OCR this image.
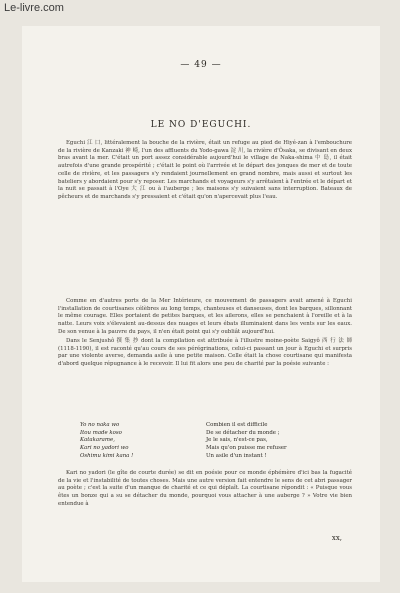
Le-livre.com
— 49 —
LE NO D'EGUCHI.
Eguchi 江 口, littéralement la bouche de la rivière, était un refuge au pied de Hiyé-zan à l'embouchure de la rivière de Kanzaki 神 崎, l'un des affluents du Yodo-gawa 淀 川, la rivière d'Ôsaka, se divisant en deux bras avant la mer. C'était un port assez considérable aujourd'hui le village de Naka-shima 中 島, il était autrefois d'une grande prospérité ; c'était le point où l'arrivée et le départ des jonques de mer et de toute celle de rivière, et les passagers s'y rendaient journellement en grand nombre, mais aussi et surtout les bateliers y abordaient pour s'y reposer. Les marchands et voyageurs s'y arrêtaient à l'entrée et le départ et la nuit se passait à l'Oye 大 江 ou à l'auberge ; les maisons s'y suivaient sans interruption. Bateaux de pêcheurs et de marchands s'y pressaient et c'était qu'on n'apercevait plus l'eau.
Comme en d'autres ports de la Mer Intérieure, ce mouvement de passagers avait amené à Eguchi l'installation de courtisanes célèbres au long temps, chanteuses et danseuses, dont les barques, sillonnant le même courage. Elles portaient de petites barques, et les ailerons, elles se penchaient à l'oreille et à la natte. Leurs voix s'élevaient au-dessus des nuages et leurs ébats illuminaient dans les vents sur les eaux. De son venue à la pauvre du pays, il n'en était point qui s'y oubliât aujourd'hui.
Dans le Senjushô 撰 集 抄 dont la compilation est attribuée à l'illustre moine-poète Saigyô 西 行 法 師 (1118-1190), il est raconté qu'au cours de ses pérégrinations, celui-ci passant un jour à Eguchi et surpris par une violente averse, demanda asile à une petite maison. Celle était la chose courtisane qui manifesta d'abord quelque répugnance à le recevoir. Il lui fit alors une peu de charité par la poésie suivante :
Yo no naka wo
Itou made koso
Katakarame,
Kari no yadori wo
Oshimu kimi kana !
Combien il est difficile
De se détacher du monde ;
Je le sais, n'est-ce pas,
Mais qu'on puisse me refuser
Un asile d'un instant !
Kari no yadori (le gîte de courte durée) se dit en poésie pour ce monde éphémère d'ici bas la fugacité de la vie et l'instabilité de toutes choses. Mais une autre version fait entendre le sens de cet abri passager au poète ; c'est la suite d'un manque de charité et ce qui déplaît. La courtisane répondit : « Puisque vous êtes un bonze qui a su se détacher du monde, pourquoi vous attacher à une auberge ? » Votre vie bien entendue à
xx,
